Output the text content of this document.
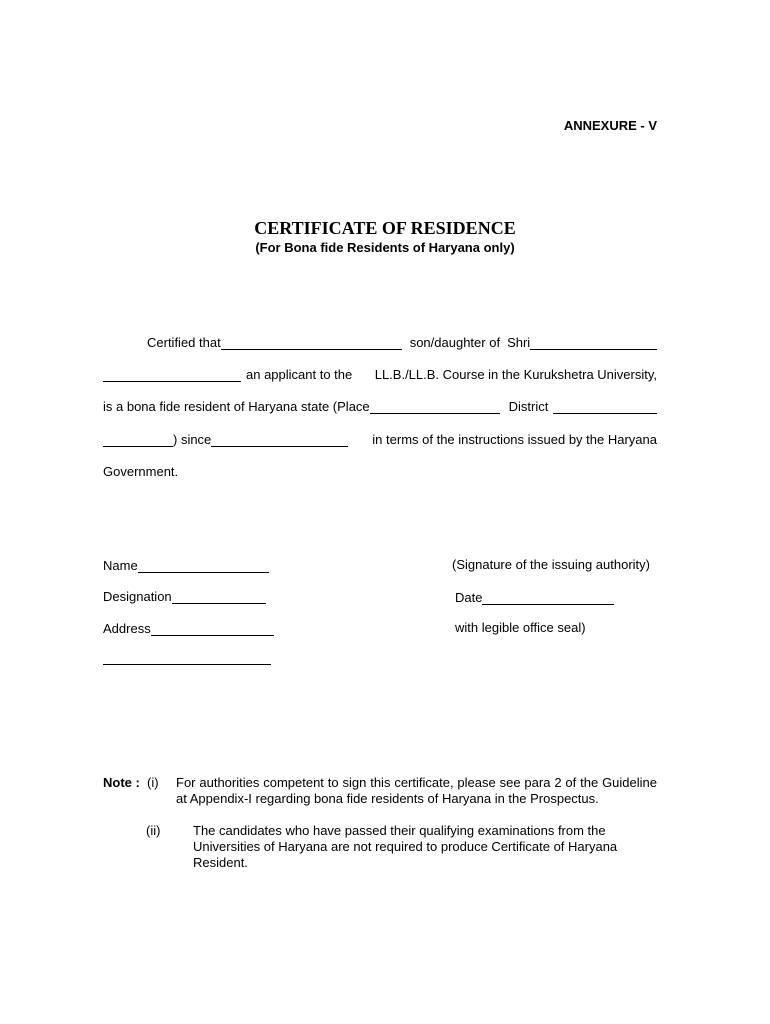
ANNEXURE - V
CERTIFICATE OF RESIDENCE
(For Bona fide Residents of Haryana only)
Certified that	son/daughter of Shri
an applicant to the	LL.B./LL.B. Course in the Kurukshetra University,
is a bona fide resident of Haryana state (Place	District
) since	in terms of the instructions issued by the Haryana
Government.
Name
Designation
Address
(Signature of the issuing authority)
Date
with legible office seal)
Note : (i) For authorities competent to sign this certificate, please see para 2 of the Guideline at Appendix-I regarding bona fide residents of Haryana in the Prospectus.
(ii)	The candidates who have passed their qualifying examinations from the Universities of Haryana are not required to produce Certificate of Haryana Resident.
